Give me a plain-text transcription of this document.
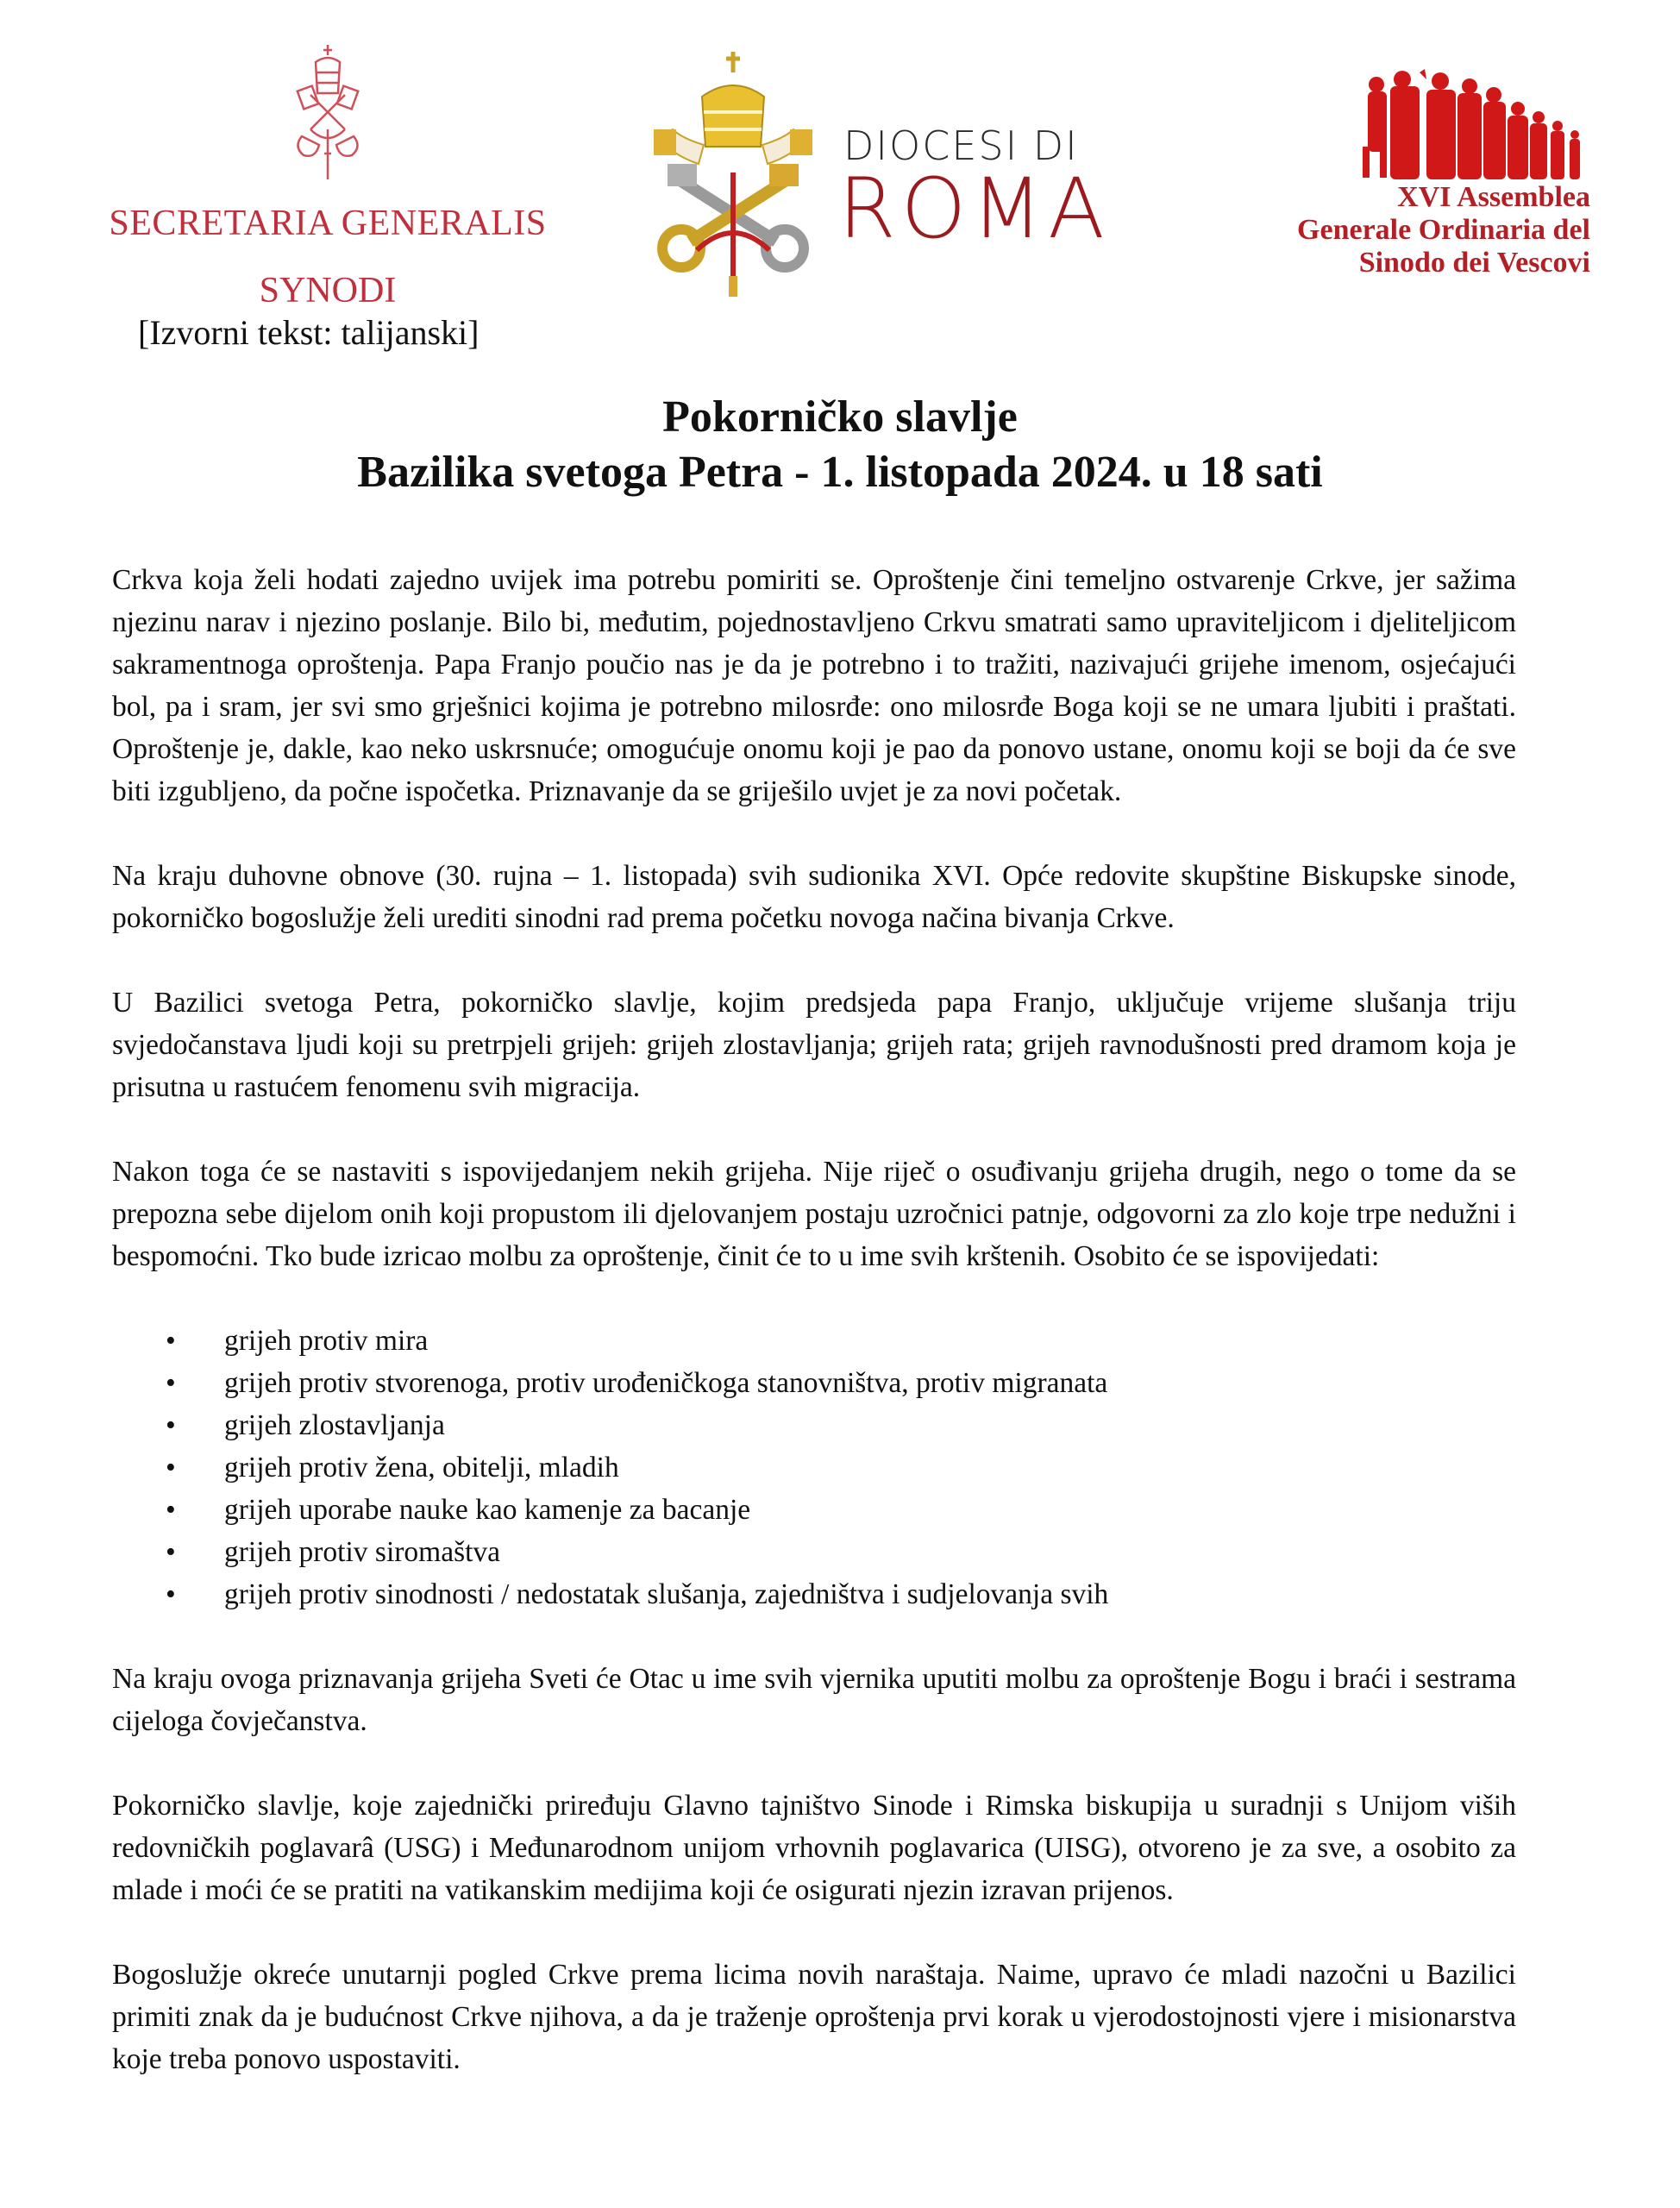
SECRETARIA GENERALIS
SYNODI
[Izvorni tekst: talijanski]
DIOCESI DI
ROMA	XVI Assemblea
Generale Ordinaria del
Sinodo dei Vescovi
Pokorničko slavlje
Bazilika svetoga Petra - 1. listopada 2024. u 18 sati

Crkva koja želi hodati zajedno uvijek ima potrebu pomiriti se. Oproštenje čini temeljno ostvarenje Crkve, jer sažima njezinu narav i njezino poslanje. Bilo bi, međutim, pojednostavljeno Crkvu smatrati samo upraviteljicom i djeliteljicom sakramentnoga oproštenja. Papa Franjo poučio nas je da je potrebno i to tražiti, nazivajući grijehe imenom, osjećajući bol, pa i sram, jer svi smo grješnici kojima je potrebno milosrđe: ono milosrđe Boga koji se ne umara ljubiti i praštati. Oproštenje je, dakle, kao neko uskrsnuće; omogućuje onomu koji je pao da ponovo ustane, onomu koji se boji da će sve biti izgubljeno, da počne ispočetka. Priznavanje da se griješilo uvjet je za novi početak.

Na kraju duhovne obnove (30. rujna – 1. listopada) svih sudionika XVI. Opće redovite skupštine Biskupske sinode, pokorničko bogoslužje želi urediti sinodni rad prema početku novoga načina bivanja Crkve.

U Bazilici svetoga Petra, pokorničko slavlje, kojim predsjeda papa Franjo, uključuje vrijeme slušanja triju svjedočanstava ljudi koji su pretrpjeli grijeh: grijeh zlostavljanja; grijeh rata; grijeh ravnodušnosti pred dramom koja je prisutna u rastućem fenomenu svih migracija.

Nakon toga će se nastaviti s ispovijedanjem nekih grijeha. Nije riječ o osuđivanju grijeha drugih, nego o tome da se prepozna sebe dijelom onih koji propustom ili djelovanjem postaju uzročnici patnje, odgovorni za zlo koje trpe nedužni i bespomoćni. Tko bude izricao molbu za oproštenje, činit će to u ime svih krštenih. Osobito će se ispovijedati:

• grijeh protiv mira
• grijeh protiv stvorenoga, protiv urođeničkoga stanovništva, protiv migranata
• grijeh zlostavljanja
• grijeh protiv žena, obitelji, mladih
• grijeh uporabe nauke kao kamenje za bacanje
• grijeh protiv siromaštva
• grijeh protiv sinodnosti / nedostatak slušanja, zajedništva i sudjelovanja svih

Na kraju ovoga priznavanja grijeha Sveti će Otac u ime svih vjernika uputiti molbu za oproštenje Bogu i braći i sestrama cijeloga čovječanstva.

Pokorničko slavlje, koje zajednički priređuju Glavno tajništvo Sinode i Rimska biskupija u suradnji s Unijom viših redovničkih poglavarâ (USG) i Međunarodnom unijom vrhovnih poglavarica (UISG), otvoreno je za sve, a osobito za mlade i moći će se pratiti na vatikanskim medijima koji će osigurati njezin izravan prijenos.

Bogoslužje okreće unutarnji pogled Crkve prema licima novih naraštaja. Naime, upravo će mladi nazočni u Bazilici primiti znak da je budućnost Crkve njihova, a da je traženje oproštenja prvi korak u vjerodostojnosti vjere i misionarstva koje treba ponovo uspostaviti.
